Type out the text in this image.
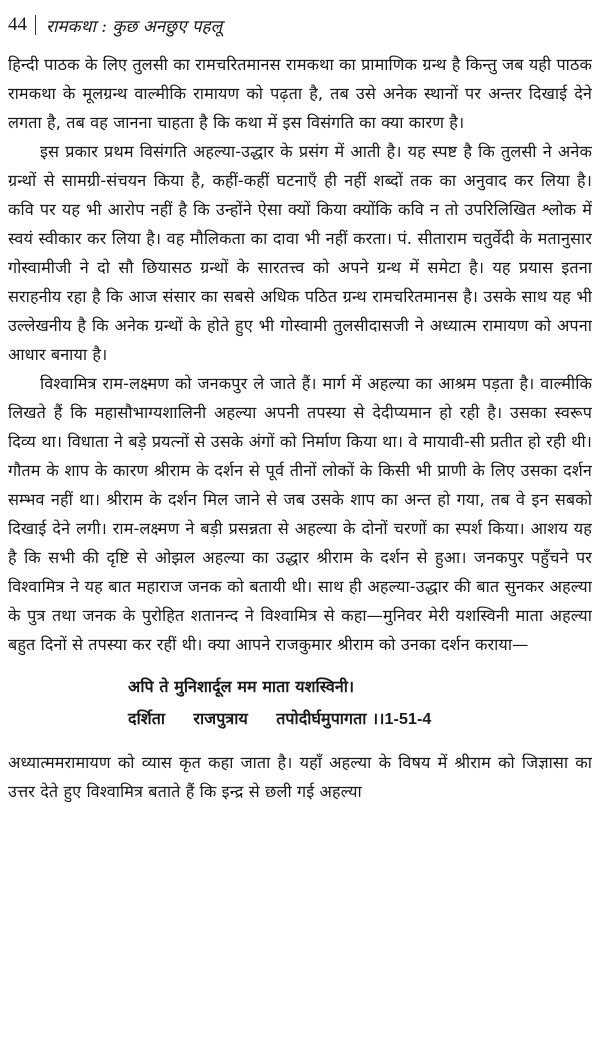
44 रामकथा : कुछ अनछुए पहलू

हिन्दी पाठक के लिए तुलसी का रामचरितमानस रामकथा का प्रामाणिक ग्रन्थ है किन्तु जब यही पाठक रामकथा के मूलग्रन्थ वाल्मीकि रामायण को पढ़ता है, तब उसे अनेक स्थानों पर अन्तर दिखाई देने लगता है, तब वह जानना चाहता है कि कथा में इस विसंगति का क्या कारण है।

इस प्रकार प्रथम विसंगति अहल्या-उद्धार के प्रसंग में आती है। यह स्पष्ट है कि तुलसी ने अनेक ग्रन्थों से सामग्री-संचयन किया है, कहीं-कहीं घटनाएँ ही नहीं शब्दों तक का अनुवाद कर लिया है। कवि पर यह भी आरोप नहीं है कि उन्होंने ऐसा क्यों किया क्योंकि कवि न तो उपरिलिखित श्लोक में स्वयं स्वीकार कर लिया है। वह मौलिकता का दावा भी नहीं करता। पं. सीताराम चतुर्वेदी के मतानुसार गोस्वामीजी ने दो सौ छियासठ ग्रन्थों के सारतत्त्व को अपने ग्रन्थ में समेटा है। यह प्रयास इतना सराहनीय रहा है कि आज संसार का सबसे अधिक पठित ग्रन्थ रामचरितमानस है। उसके साथ यह भी उल्लेखनीय है कि अनेक ग्रन्थों के होते हुए भी गोस्वामी तुलसीदासजी ने अध्यात्म रामायण को अपना आधार बनाया है।

विश्वामित्र राम-लक्ष्मण को जनकपुर ले जाते हैं। मार्ग में अहल्या का आश्रम पड़ता है। वाल्मीकि लिखते हैं कि महासौभाग्यशालिनी अहल्या अपनी तपस्या से देदीप्यमान हो रही है। उसका स्वरूप दिव्य था। विधाता ने बड़े प्रयत्नों से उसके अंगों को निर्माण किया था। वे मायावी-सी प्रतीत हो रही थी। गौतम के शाप के कारण श्रीराम के दर्शन से पूर्व तीनों लोकों के किसी भी प्राणी के लिए उसका दर्शन सम्भव नहीं था। श्रीराम के दर्शन मिल जाने से जब उसके शाप का अन्त हो गया, तब वे इन सबको दिखाई देने लगी। राम-लक्ष्मण ने बड़ी प्रसन्नता से अहल्या के दोनों चरणों का स्पर्श किया। आशय यह है कि सभी की दृष्टि से ओझल अहल्या का उद्धार श्रीराम के दर्शन से हुआ। जनकपुर पहुँचने पर विश्वामित्र ने यह बात महाराज जनक को बतायी थी। साथ ही अहल्या-उद्धार की बात सुनकर अहल्या के पुत्र तथा जनक के पुरोहित शतानन्द ने विश्वामित्र से कहा—मुनिवर मेरी यशस्विनी माता अहल्या बहुत दिनों से तपस्या कर रहीं थी। क्या आपने राजकुमार श्रीराम को उनका दर्शन कराया—

अपि ते मुनिशार्दूल मम माता यशस्विनी।
दर्शिता     राजपुत्राय     तपोदीर्घमुपागता ।।1-51-4

अध्यात्ममरामायण को व्यास कृत कहा जाता है। यहाँ अहल्या के विषय में श्रीराम को जिज्ञासा का उत्तर देते हुए विश्वामित्र बताते हैं कि इन्द्र से छली गई अहल्या
